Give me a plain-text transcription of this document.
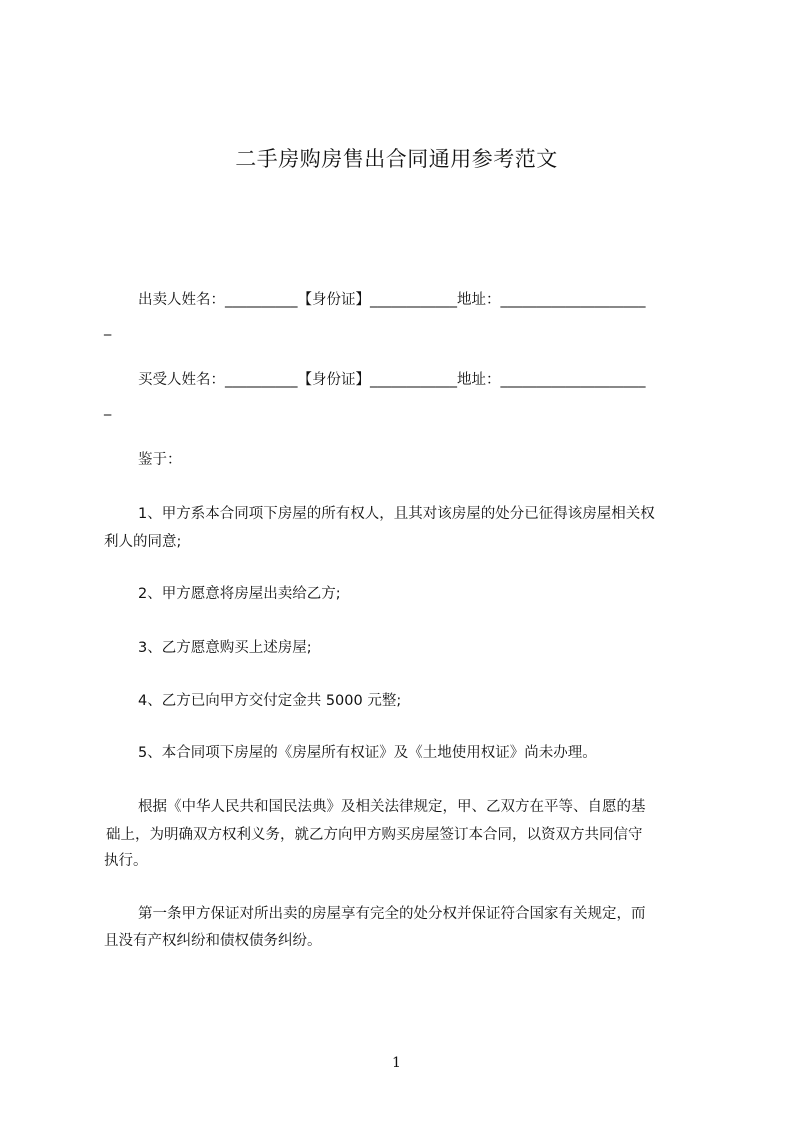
二手房购房售出合同通用参考范文
出卖人姓名：__________【身份证】____________地址：____________________
_
买受人姓名：__________【身份证】____________地址：____________________
_
鉴于：
1、甲方系本合同项下房屋的所有权人，且其对该房屋的处分已征得该房屋相关权
利人的同意;
2、甲方愿意将房屋出卖给乙方;
3、乙方愿意购买上述房屋;
4、乙方已向甲方交付定金共 5000 元整;
5、本合同项下房屋的《房屋所有权证》及《土地使用权证》尚未办理。
根据《中华人民共和国民法典》及相关法律规定，甲、乙双方在平等、自愿的基
础上，为明确双方权利义务，就乙方向甲方购买房屋签订本合同，以资双方共同信守
执行。
第一条甲方保证对所出卖的房屋享有完全的处分权并保证符合国家有关规定，而
且没有产权纠纷和债权债务纠纷。
1
